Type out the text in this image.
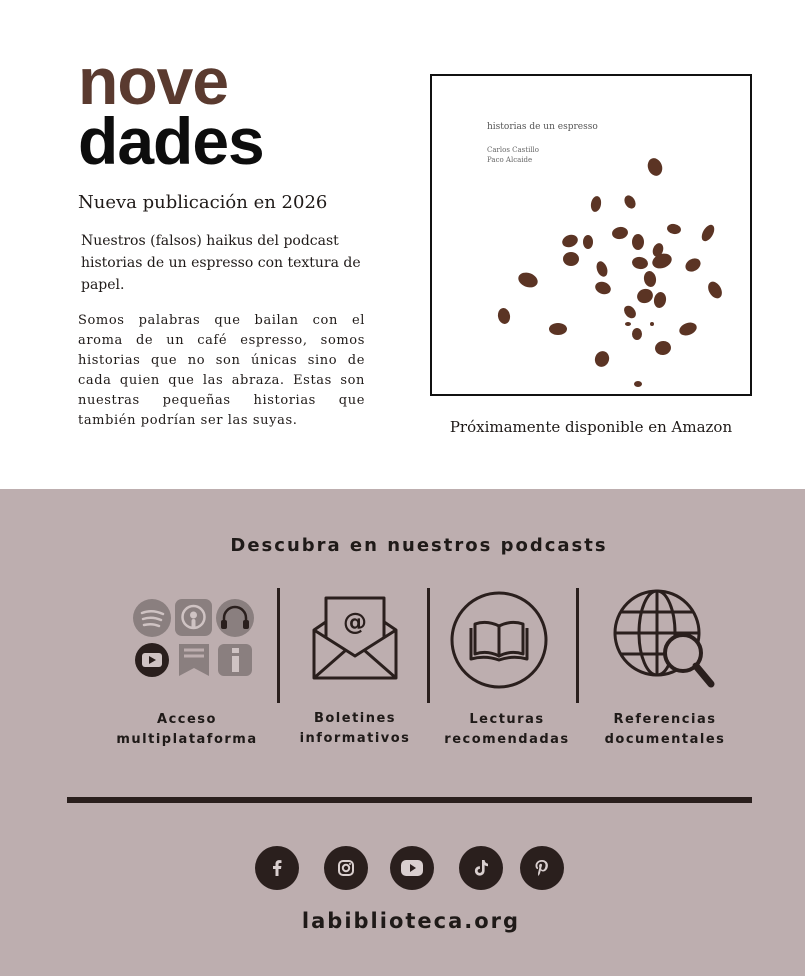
nove
dades
Nueva publicación en 2026
Nuestros (falsos) haikus del podcast historias de un espresso con textura de papel.
Somos palabras que bailan con el aroma de un café espresso, somos historias que no son únicas sino de cada quien que las abraza. Estas son nuestras pequeñas historias que también podrían ser las suyas.
historias de un espresso
Carlos Castillo
Paco Alcaide
Próximamente disponible en Amazon
Descubra en nuestros podcasts
@
Acceso
multiplataforma
Boletines
informativos
Lecturas
recomendadas
Referencias
documentales
labiblioteca.org
